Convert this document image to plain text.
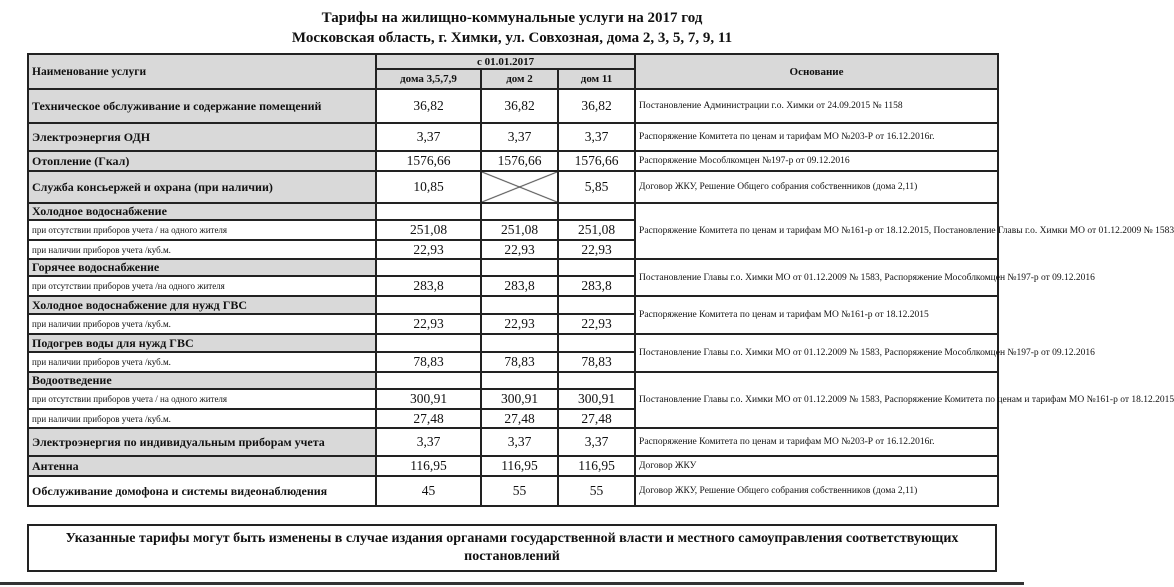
Тарифы на жилищно-коммунальные услуги на 2017 год
Московская область, г. Химки, ул. Совхозная, дома 2, 3, 5, 7, 9, 11
Наименование услуги	с 01.01.2017			Основание
	дома 3,5,7,9	дом 2	дом 11	
Техническое обслуживание и содержание помещений	36,82	36,82	36,82	Постановление Администрации г.о. Химки от 24.09.2015 № 1158
Электроэнергия ОДН	3,37	3,37	3,37	Распоряжение Комитета по ценам и тарифам МО №203-Р от 16.12.2016г.
Отопление (Гкал)	1576,66	1576,66	1576,66	Распоряжение Мособлкомцен №197-р от 09.12.2016
Служба консьержей и охрана (при наличии)	10,85		5,85	Договор ЖКУ, Решение Общего собрания собственников (дома 2,11)
Холодное водоснабжение				Распоряжение Комитета по ценам и тарифам МО №161-р от 18.12.2015, Постановление Главы г.о. Химки МО от 01.12.2009 № 1583
при отсутствии приборов учета / на одного жителя	251,08	251,08	251,08	
при наличии приборов учета /куб.м.	22,93	22,93	22,93	
Горячее водоснабжение				Постановление Главы г.о. Химки МО от 01.12.2009 № 1583, Распоряжение Мособлкомцен №197-р от 09.12.2016
при отсутствии приборов учета /на одного жителя	283,8	283,8	283,8	
Холодное водоснабжение для нужд ГВС				Распоряжение Комитета по ценам и тарифам МО №161-р от 18.12.2015
при наличии приборов учета /куб.м.	22,93	22,93	22,93	
Подогрев воды для нужд ГВС				Постановление Главы г.о. Химки МО от 01.12.2009 № 1583, Распоряжение Мособлкомцен №197-р от 09.12.2016
при наличии приборов учета /куб.м.	78,83	78,83	78,83	
Водоотведение				Постановление Главы г.о. Химки МО от 01.12.2009 № 1583, Распоряжение Комитета по ценам и тарифам МО №161-р от 18.12.2015
при отсутствии приборов учета / на одного жителя	300,91	300,91	300,91	
при наличии приборов учета /куб.м.	27,48	27,48	27,48	
Электроэнергия по индивидуальным приборам учета	3,37	3,37	3,37	Распоряжение Комитета по ценам и тарифам МО №203-Р от 16.12.2016г.
Антенна	116,95	116,95	116,95	Договор ЖКУ
Обслуживание домофона и системы видеонаблюдения	45	55	55	Договор ЖКУ, Решение Общего собрания собственников (дома 2,11)
Указанные тарифы могут быть изменены в случае издания органами государственной власти и местного самоуправления соответствующих постановлений
